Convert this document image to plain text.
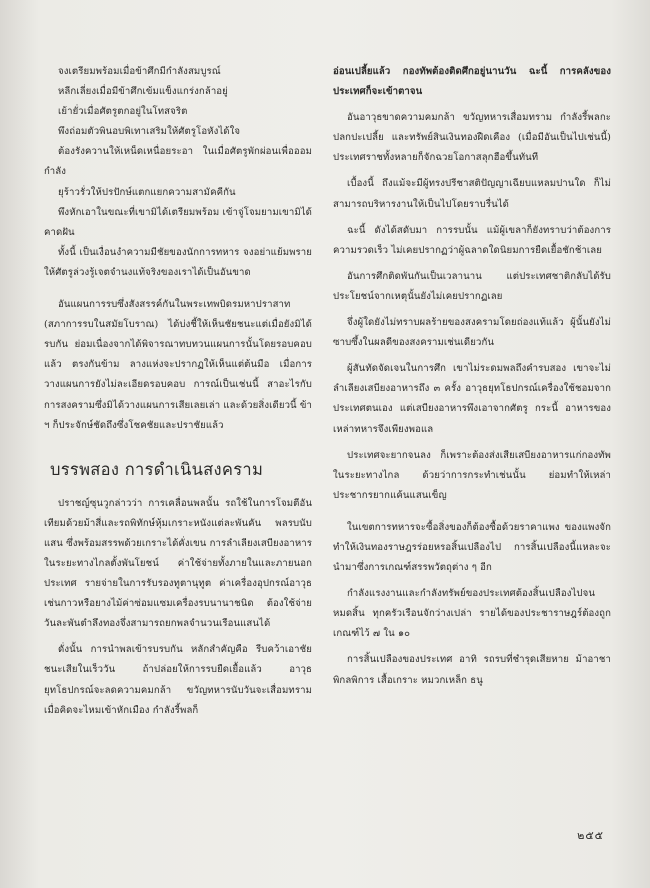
จงเตรียมพร้อมเมื่อข้าศึกมีกำลังสมบูรณ์

หลีกเลี่ยงเมื่อมีข้าศึกเข้มแข็งแกร่งกล้าอยู่

เย้ายั่วเมื่อศัตรูตกอยู่ในโทสจริต

พึงถ่อมตัวพินอบพิเทาเสริมให้ศัตรูโอหังได้ใจ

ต้องรังควานให้เหน็ดเหนื่อยระอา ในเมื่อศัตรูพักผ่อนเพื่อออมกำลัง

ยุร้าวรั่วให้ปรปักษ์แตกแยกความสามัคคีกัน

พึงหักเอาในขณะที่เขามิได้เตรียมพร้อม เข้าจู่โจมยามเขามิได้คาดฝัน

ทั้งนี้ เป็นเงื่อนงำความมีชัยของนักการทหาร จงอย่าแย้มพรายให้ศัตรูล่วงรู้เจตจำนงแท้จริงของเราได้เป็นอันขาด

อันแผนการรบซึ่งสังสรรค์กันในพระเทพบิดรมหาปราสาท (สภาการรบในสมัยโบราณ) ได้บ่งชี้ให้เห็นชัยชนะแต่เมื่อยังมิได้รบกัน ย่อมเนื่องจากได้พิจารณาทบทวนแผนการนั้นโดยรอบคอบแล้ว ตรงกันข้าม ลางแห่งจะปรากฏให้เห็นแต่ต้นมือ เมื่อการวางแผนการยังไม่ละเอียดรอบคอบ การณ์เป็นเช่นนี้ สาอะไรกับการสงครามซึ่งมิได้วางแผนการเสียเลยเล่า และด้วยสิ่งเดียวนี้ ข้า ฯ ก็ประจักษ์ชัดถึงซึ่งโชคชัยและปราชัยแล้ว

บรรพสอง การดำเนินสงคราม

ปราชญ์ซุนวูกล่าวว่า การเคลื่อนพลนั้น รถใช้ในการโจมตีอันเทียมด้วยม้าสี่และรถพิทักษ์หุ้มเกราะหนังแต่ละพันคัน พลรบนับแสน ซึ่งพร้อมสรรพด้วยเกราะได้คั่งเขน การลำเลียงเสบียงอาหารในระยะทางไกลตั้งพันโยชน์ ค่าใช้จ่ายทั้งภายในและภายนอกประเทศ รายจ่ายในการรับรองทูตานุทูต ค่าเครื่องอุปกรณ์อาวุธเช่นกาวหรือยางไม้ค่าซ่อมแซมเครื่องรบนานาชนิด ต้องใช้จ่ายวันละพันตำลึงทองจึ่งสามารถยกพลจำนวนเรือนแสนได้

ดั่งนั้น การนำพลเข้ารบรบกัน หลักสำคัญคือ รีบคว้าเอาชัยชนะเสียในเร็ววัน ถ้าปล่อยให้การรบยืดเยื้อแล้ว อาวุธยุทโธปกรณ์จะลดความคมกล้า ขวัญทหารนับวันจะเสื่อมทราม เมื่อคิดจะไหมเข้าหักเมือง กำลังรี้พลก็

อ่อนเปลี้ยแล้ว กองทัพต้องติดศึกอยู่นานวัน ฉะนี้ การคลังของประเทศก็จะเข้าตาจน

อันอาวุธขาดความคมกล้า ขวัญทหารเสื่อมทราม กำลังรี้พลกะปลกปะเปลี้ย และทรัพย์สินเงินทองฝืดเคือง (เมื่อมีอันเป็นไปเช่นนี้) ประเทศราชทั้งหลายก็จักฉวยโอกาสลุกฮือขึ้นทันที

เบื้องนี้ ถึงแม้จะมีผู้ทรงปรีชาสติปัญญาเฉียบแหลมปานใด ก็ไม่สามารถบริหารงานให้เป็นไปโดยราบรื่นได้

ฉะนี้ ดังได้สดับมา การรบนั้น แม้ผู้เขลาก็ยังทราบว่าต้องการความรวดเร็ว ไม่เคยปรากฏว่าผู้ฉลาดใดนิยมการยืดเยื้อชักช้าเลย

อันการศึกติดพันกันเป็นเวลานาน แต่ประเทศชาติกลับได้รับประโยชน์จากเหตุนั้นยังไม่เคยปรากฏเลย

จึ่งผู้ใดยังไม่ทราบผลร้ายของสงครามโดยถ่องแท้แล้ว ผู้นั้นยังไม่ซาบซึ้งในผลดีของสงครามเช่นเดียวกัน

ผู้สันทัดจัดเจนในการศึก เขาไม่ระดมพลถึงคำรบสอง เขาจะไม่ลำเลียงเสบียงอาหารถึง ๓ ครั้ง อาวุธยุทโธปกรณ์เครื่องใช้ชอมจากประเทศตนเอง แต่เสบียงอาหารพึงเอาจากศัตรู กระนี้ อาหารของเหล่าทหารจึงเพียงพอแล

ประเทศจะยากจนลง ก็เพราะต้องส่งเสียเสบียงอาหารแก่กองทัพในระยะทางไกล ด้วยว่าการกระทำเช่นนั้น ย่อมทำให้เหล่าประชากรยากแค้นแสนเข็ญ

ในเขตการทหารจะซื้อสิ่งของก็ต้องซื้อด้วยราคาแพง ของแพงจักทำให้เงินทองราษฎรร่อยหรอสิ้นเปลืองไป การสิ้นเปลืองนี้แหละจะนำมาซึ่งการเกณฑ์สรรพวัตถุต่าง ๆ อีก

กำลังแรงงานและกำลังทรัพย์ของประเทศต้องสิ้นเปลืองไปจนหมดสิ้น ทุกครัวเรือนจักว่างเปล่า รายได้ของประชาราษฎร์ต้องถูกเกณฑ์ไว้ ๗ ใน ๑๐

การสิ้นเปลืองของประเทศ อาทิ รถรบที่ชำรุดเสียหาย ม้าอาชาพิกลพิการ เสื้อเกราะ หมวกเหล็ก ธนู

๒๕๕
